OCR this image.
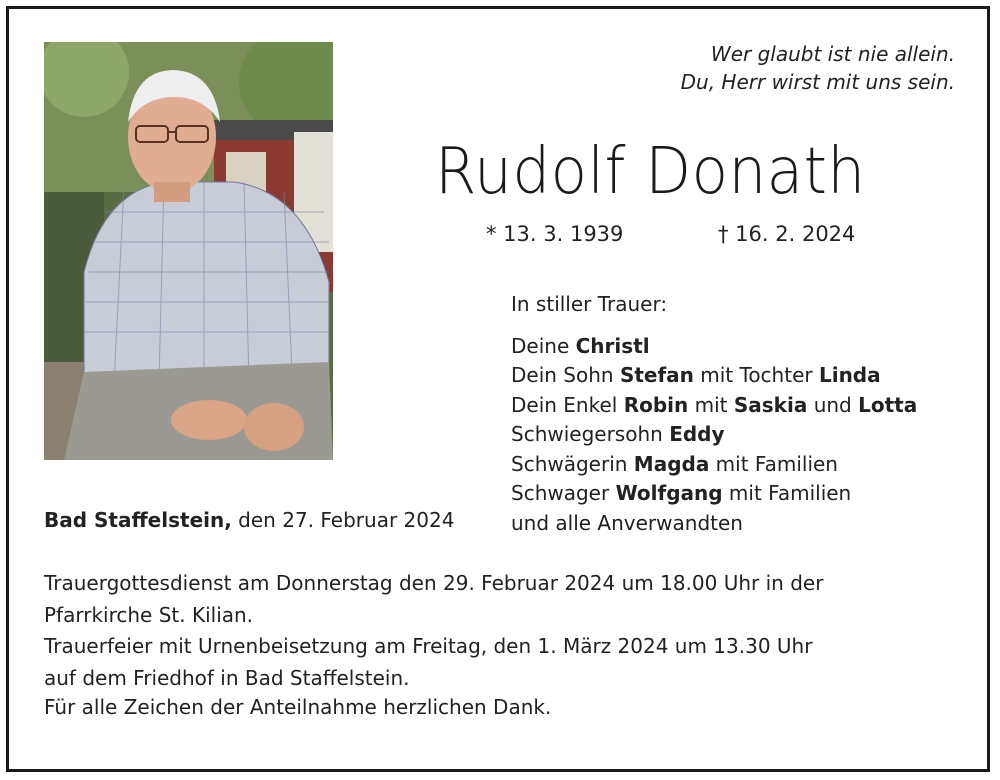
Wer glaubt ist nie allein.
Du, Herr wirst mit uns sein.
Rudolf Donath
* 13. 3. 1939	† 16. 2. 2024
In stiller Trauer:
Deine Christl
Dein Sohn Stefan mit Tochter Linda
Dein Enkel Robin mit Saskia und Lotta
Schwiegersohn Eddy
Schwägerin Magda mit Familien
Schwager Wolfgang mit Familien
und alle Anverwandten
Bad Staffelstein, den 27. Februar 2024
Trauergottesdienst am Donnerstag den 29. Februar 2024 um 18.00 Uhr in der
Pfarrkirche St. Kilian.
Trauerfeier mit Urnenbeisetzung am Freitag, den 1. März 2024 um 13.30 Uhr
auf dem Friedhof in Bad Staffelstein.
Für alle Zeichen der Anteilnahme herzlichen Dank.
